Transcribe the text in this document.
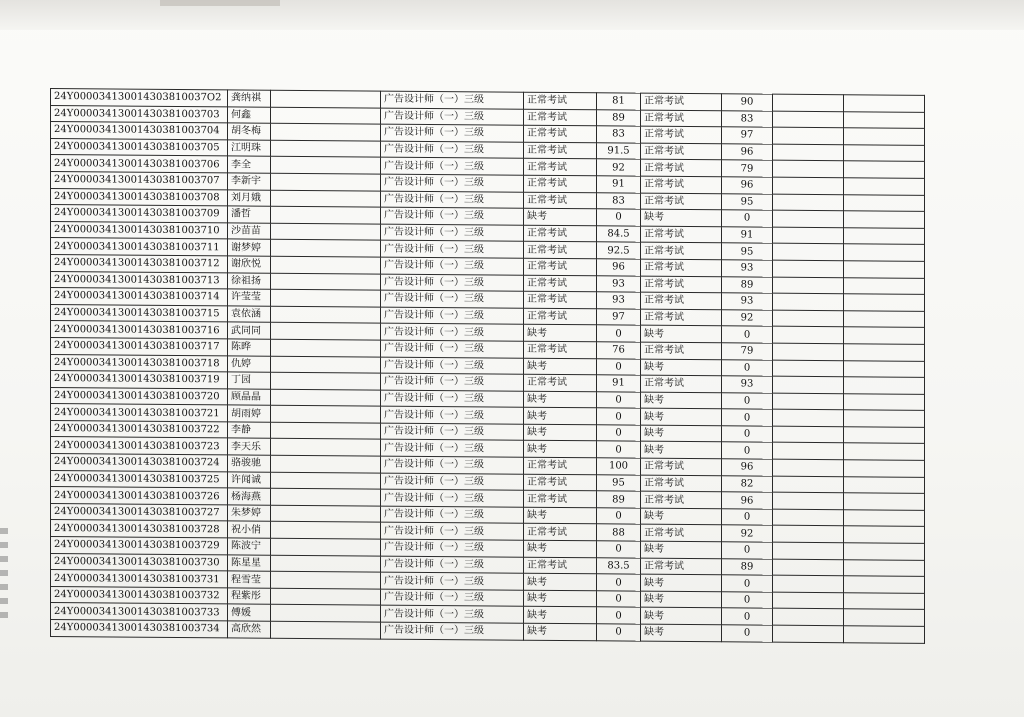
24Y000034130014303810037O2	龚纳祺		广告设计师（一）三级	正常考试	81	正常考试	90		
24Y00003413001430381003703	何鑫		广告设计师（一）三级	正常考试	89	正常考试	83		
24Y00003413001430381003704	胡冬梅		广告设计师（一）三级	正常考试	83	正常考试	97		
24Y00003413001430381003705	江明珠		广告设计师（一）三级	正常考试	91.5	正常考试	96		
24Y00003413001430381003706	李全		广告设计师（一）三级	正常考试	92	正常考试	79		
24Y00003413001430381003707	李新宇		广告设计师（一）三级	正常考试	91	正常考试	96		
24Y00003413001430381003708	刘月娥		广告设计师（一）三级	正常考试	83	正常考试	95		
24Y00003413001430381003709	潘哲		广告设计师（一）三级	缺考	0	缺考	0		
24Y00003413001430381003710	沙苗苗		广告设计师（一）三级	正常考试	84.5	正常考试	91		
24Y00003413001430381003711	谢梦婷		广告设计师（一）三级	正常考试	92.5	正常考试	95		
24Y00003413001430381003712	谢欣悦		广告设计师（一）三级	正常考试	96	正常考试	93		
24Y00003413001430381003713	徐祖扬		广告设计师（一）三级	正常考试	93	正常考试	89		
24Y00003413001430381003714	许莹莹		广告设计师（一）三级	正常考试	93	正常考试	93		
24Y00003413001430381003715	袁依涵		广告设计师（一）三级	正常考试	97	正常考试	92		
24Y00003413001430381003716	武同同		广告设计师（一）三级	缺考	0	缺考	0		
24Y00003413001430381003717	陈晔		广告设计师（一）三级	正常考试	76	正常考试	79		
24Y00003413001430381003718	仇婷		广告设计师（一）三级	缺考	0	缺考	0		
24Y00003413001430381003719	丁园		广告设计师（一）三级	正常考试	91	正常考试	93		
24Y00003413001430381003720	顾晶晶		广告设计师（一）三级	缺考	0	缺考	0		
24Y00003413001430381003721	胡雨婷		广告设计师（一）三级	缺考	0	缺考	0		
24Y00003413001430381003722	李静		广告设计师（一）三级	缺考	0	缺考	0		
24Y00003413001430381003723	李天乐		广告设计师（一）三级	缺考	0	缺考	0		
24Y00003413001430381003724	骆骏驰		广告设计师（一）三级	正常考试	100	正常考试	96		
24Y00003413001430381003725	许闻诚		广告设计师（一）三级	正常考试	95	正常考试	82		
24Y00003413001430381003726	杨海燕		广告设计师（一）三级	正常考试	89	正常考试	96		
24Y00003413001430381003727	朱梦婷		广告设计师（一）三级	缺考	0	缺考	0		
24Y00003413001430381003728	祝小俏		广告设计师（一）三级	正常考试	88	正常考试	92		
24Y00003413001430381003729	陈波宁		广告设计师（一）三级	缺考	0	缺考	0		
24Y00003413001430381003730	陈星星		广告设计师（一）三级	正常考试	83.5	正常考试	89		
24Y00003413001430381003731	程雪莹		广告设计师（一）三级	缺考	0	缺考	0		
24Y00003413001430381003732	程紫彤		广告设计师（一）三级	缺考	0	缺考	0		
24Y00003413001430381003733	傅媛		广告设计师（一）三级	缺考	0	缺考	0		
24Y00003413001430381003734	高欣然		广告设计师（一）三级	缺考	0	缺考	0		
